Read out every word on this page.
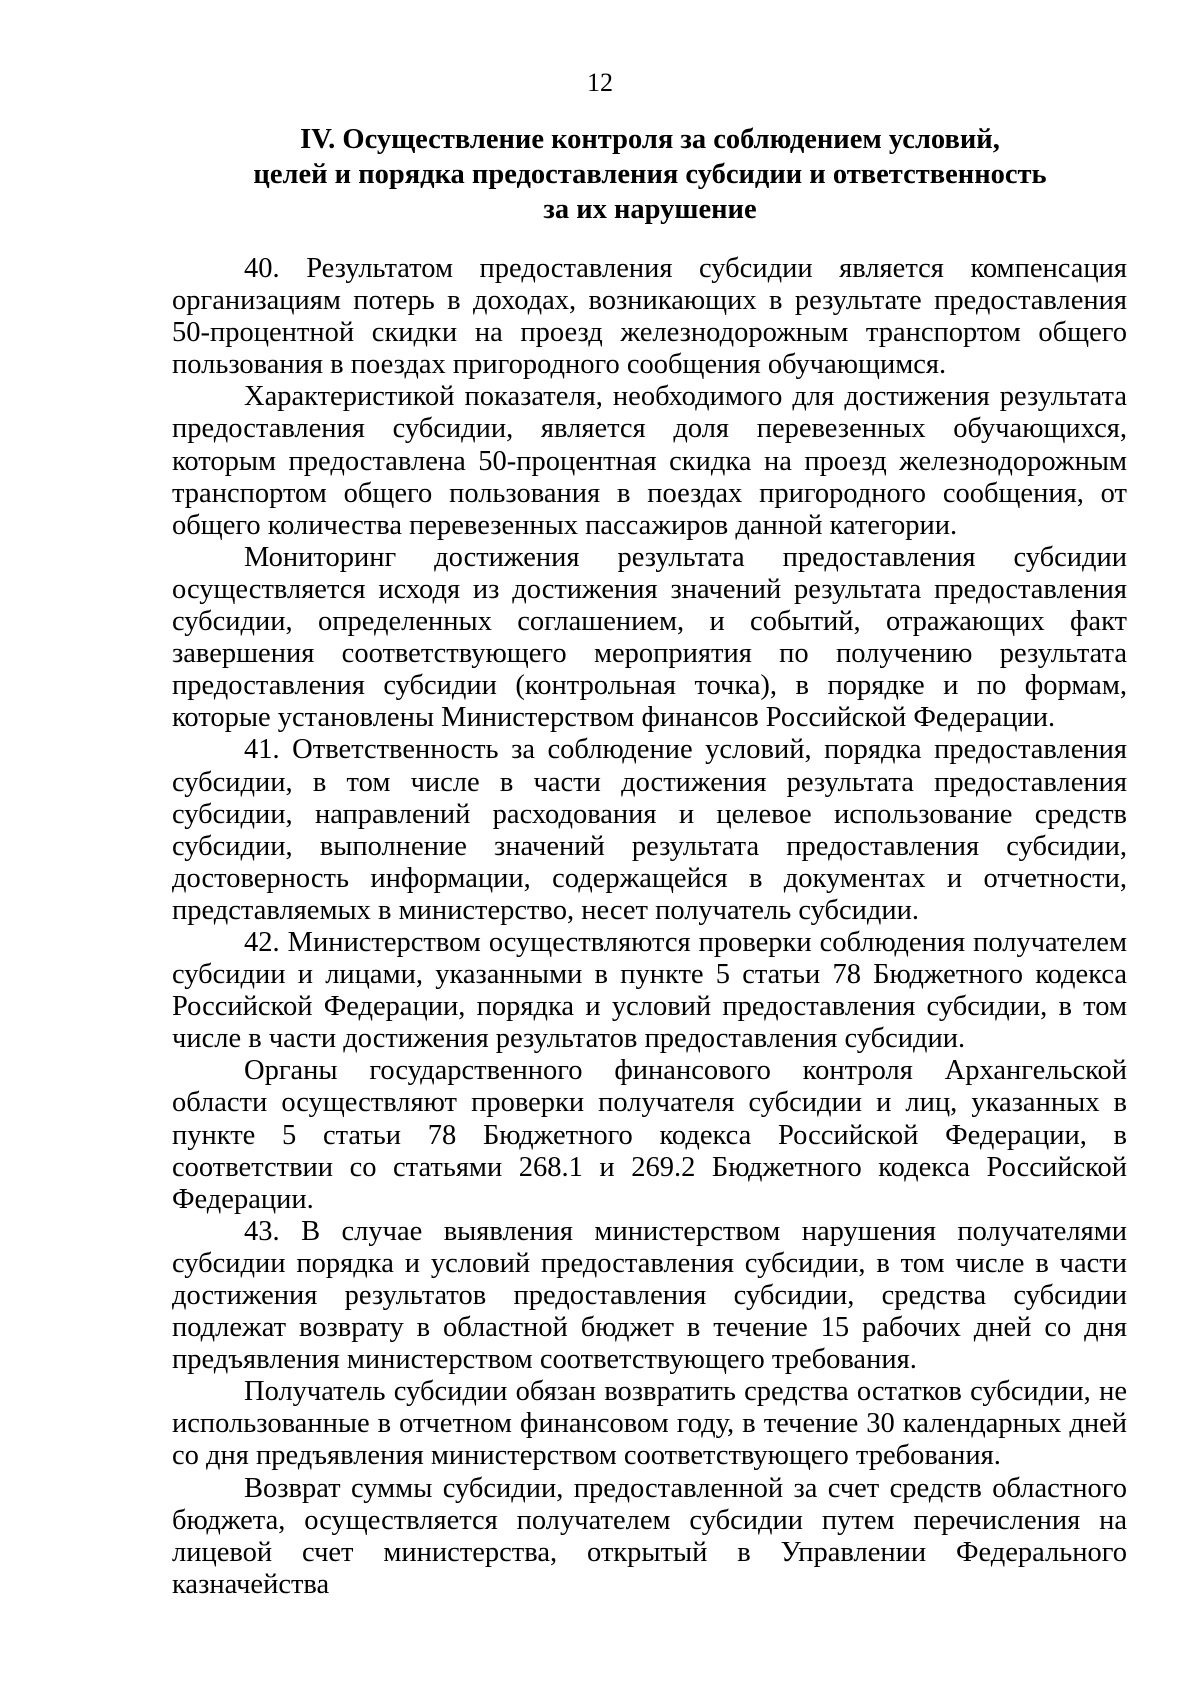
12
IV. Осуществление контроля за соблюдением условий,
целей и порядка предоставления субсидии и ответственность
за их нарушение

40. Результатом предоставления субсидии является компенсация организациям потерь в доходах, возникающих в результате предоставления 50-процентной скидки на проезд железнодорожным транспортом общего пользования в поездах пригородного сообщения обучающимся.

Характеристикой показателя, необходимого для достижения результата предоставления субсидии, является доля перевезенных обучающихся, которым предоставлена 50-процентная скидка на проезд железнодорожным транспортом общего пользования в поездах пригородного сообщения, от общего количества перевезенных пассажиров данной категории.

Мониторинг достижения результата предоставления субсидии осуществляется исходя из достижения значений результата предоставления субсидии, определенных соглашением, и событий, отражающих факт завершения соответствующего мероприятия по получению результата предоставления субсидии (контрольная точка), в порядке и по формам, которые установлены Министерством финансов Российской Федерации.

41. Ответственность за соблюдение условий, порядка предоставления субсидии, в том числе в части достижения результата предоставления субсидии, направлений расходования и целевое использование средств субсидии, выполнение значений результата предоставления субсидии, достоверность информации, содержащейся в документах и отчетности, представляемых в министерство, несет получатель субсидии.

42. Министерством осуществляются проверки соблюдения получателем субсидии и лицами, указанными в пункте 5 статьи 78 Бюджетного кодекса Российской Федерации, порядка и условий предоставления субсидии, в том числе в части достижения результатов предоставления субсидии.

Органы государственного финансового контроля Архангельской области осуществляют проверки получателя субсидии и лиц, указанных в пункте 5 статьи 78 Бюджетного кодекса Российской Федерации, в соответствии со статьями 268.1 и 269.2 Бюджетного кодекса Российской Федерации.

43. В случае выявления министерством нарушения получателями субсидии порядка и условий предоставления субсидии, в том числе в части достижения результатов предоставления субсидии, средства субсидии подлежат возврату в областной бюджет в течение 15 рабочих дней со дня предъявления министерством соответствующего требования.

Получатель субсидии обязан возвратить средства остатков субсидии, не использованные в отчетном финансовом году, в течение 30 календарных дней со дня предъявления министерством соответствующего требования.

Возврат суммы субсидии, предоставленной за счет средств областного бюджета, осуществляется получателем субсидии путем перечисления на лицевой счет министерства, открытый в Управлении Федерального казначейства
